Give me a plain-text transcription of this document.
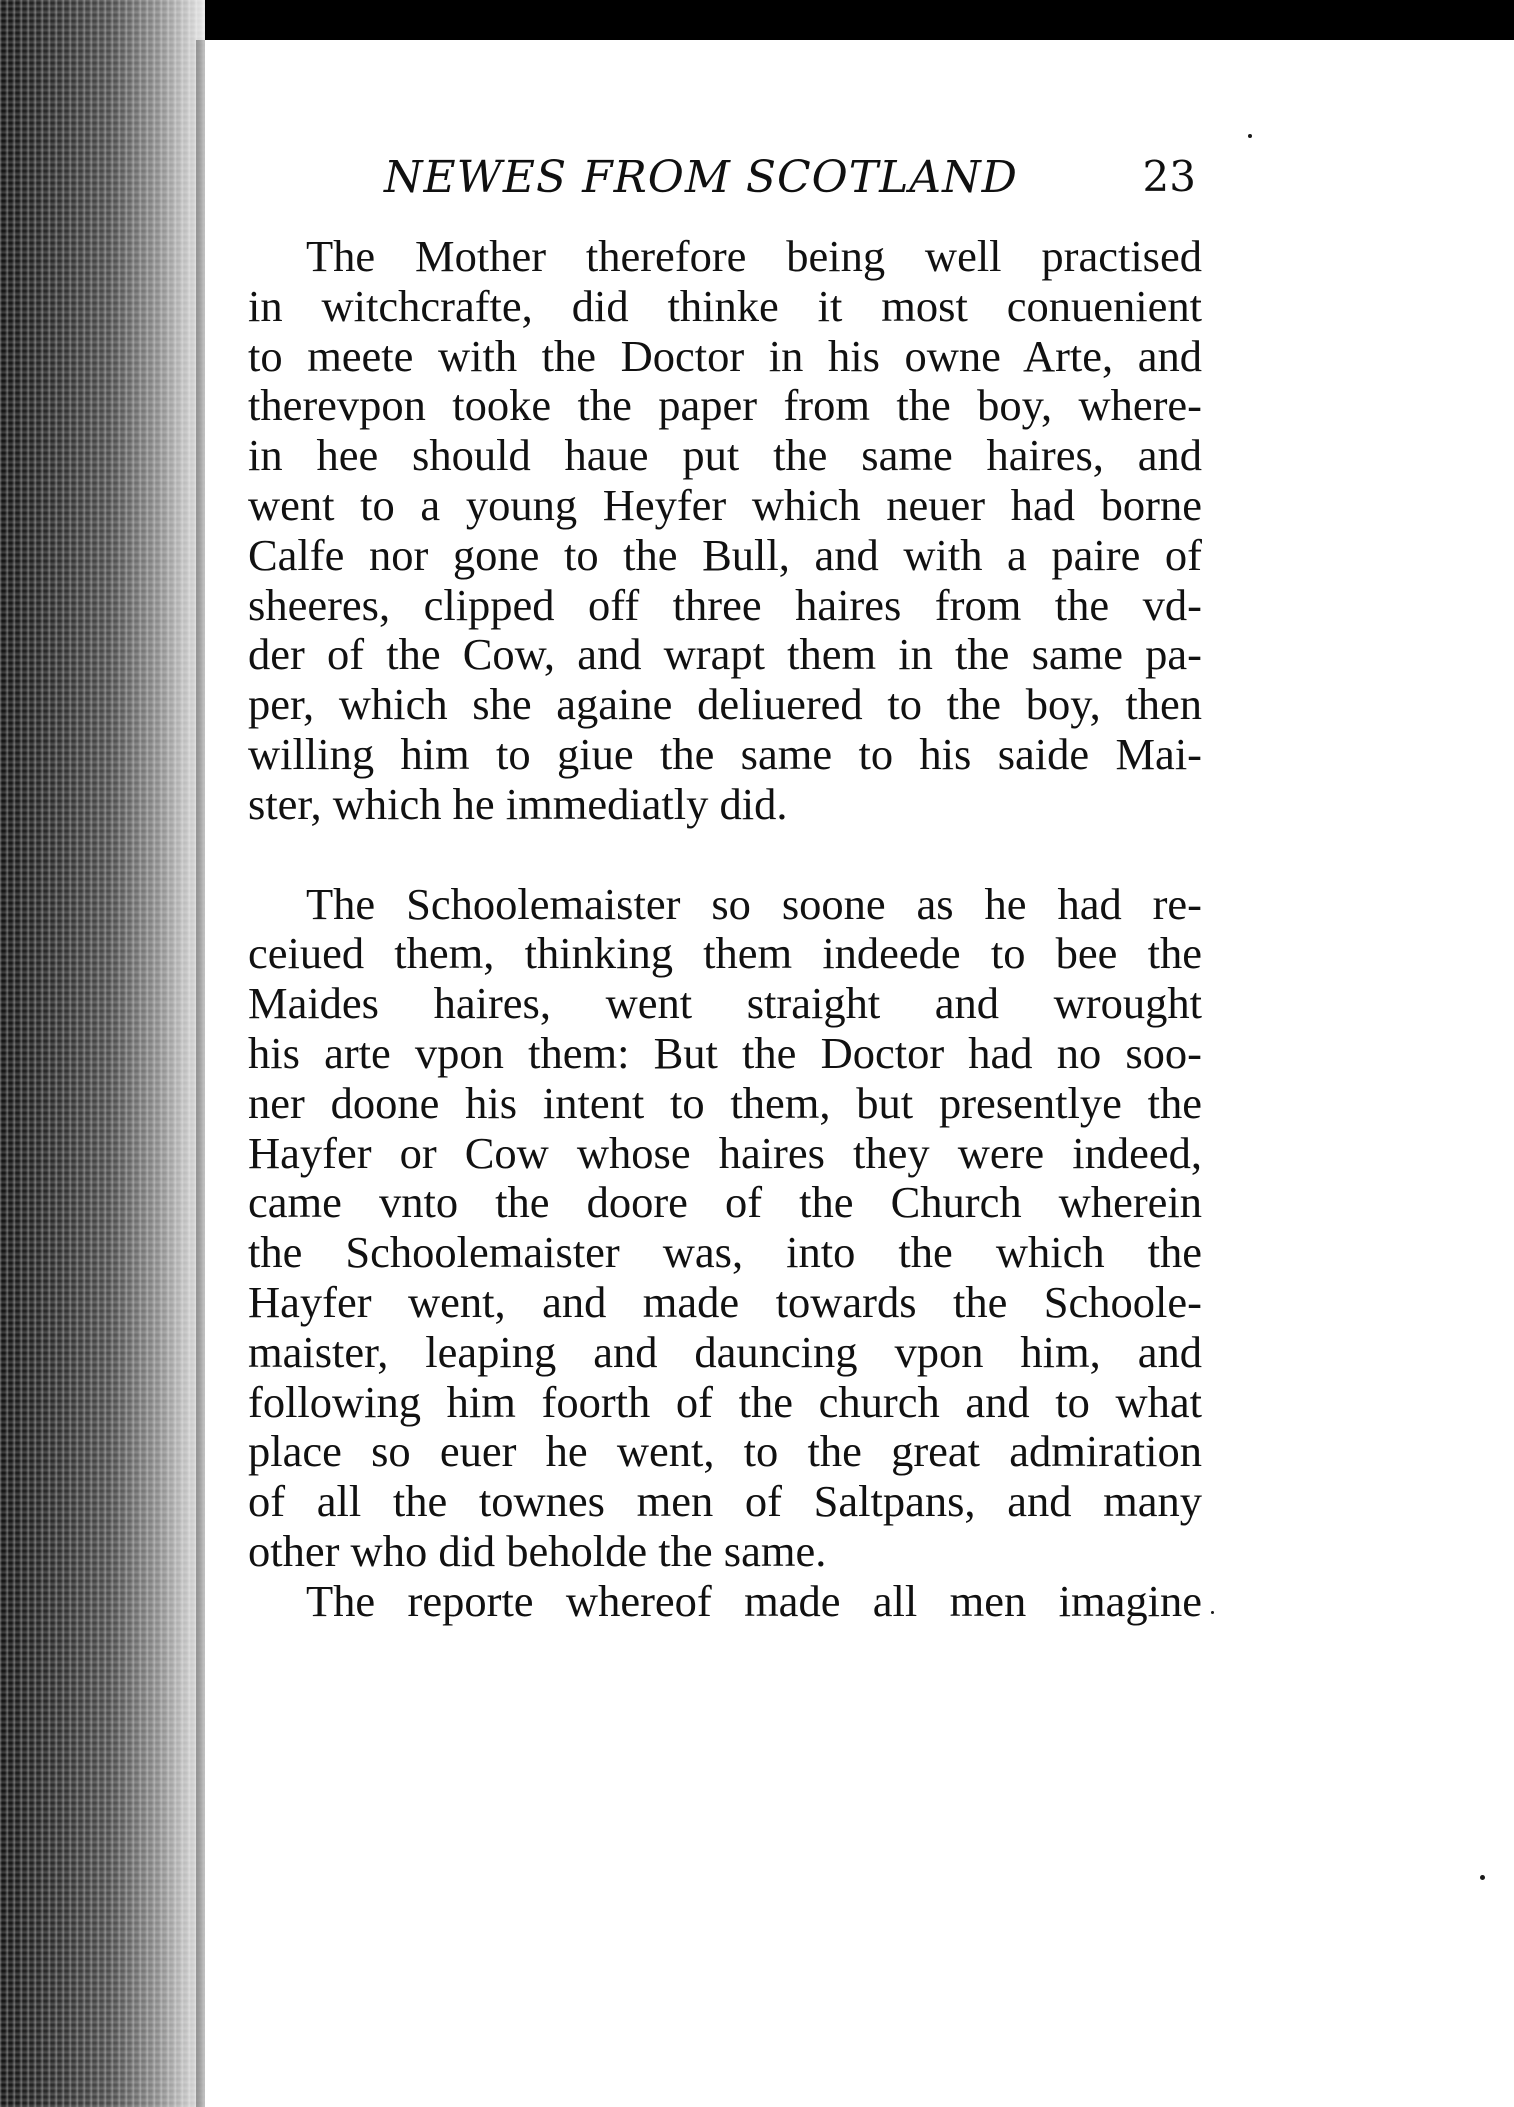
NEWES FROM SCOTLAND	23
The Mother therefore being well practised
in witchcrafte, did thinke it most conuenient
to meete with the Doctor in his owne Arte, and
therevpon tooke the paper from the boy, where-
in hee should haue put the same haires, and
went to a young Heyfer which neuer had borne
Calfe nor gone to the Bull, and with a paire of
sheeres, clipped off three haires from the vd-
der of the Cow, and wrapt them in the same pa-
per, which she againe deliuered to the boy, then
willing him to giue the same to his saide Mai-
ster, which he immediatly did.
The Schoolemaister so soone as he had re-
ceiued them, thinking them indeede to bee the
Maides haires, went straight and wrought
his arte vpon them: But the Doctor had no soo-
ner doone his intent to them, but presentlye the
Hayfer or Cow whose haires they were indeed,
came vnto the doore of the Church wherein
the Schoolemaister was, into the which the
Hayfer went, and made towards the Schoole-
maister, leaping and dauncing vpon him, and
following him foorth of the church and to what
place so euer he went, to the great admiration
of all the townes men of Saltpans, and many
other who did beholde the same.
The reporte whereof made all men imagine
